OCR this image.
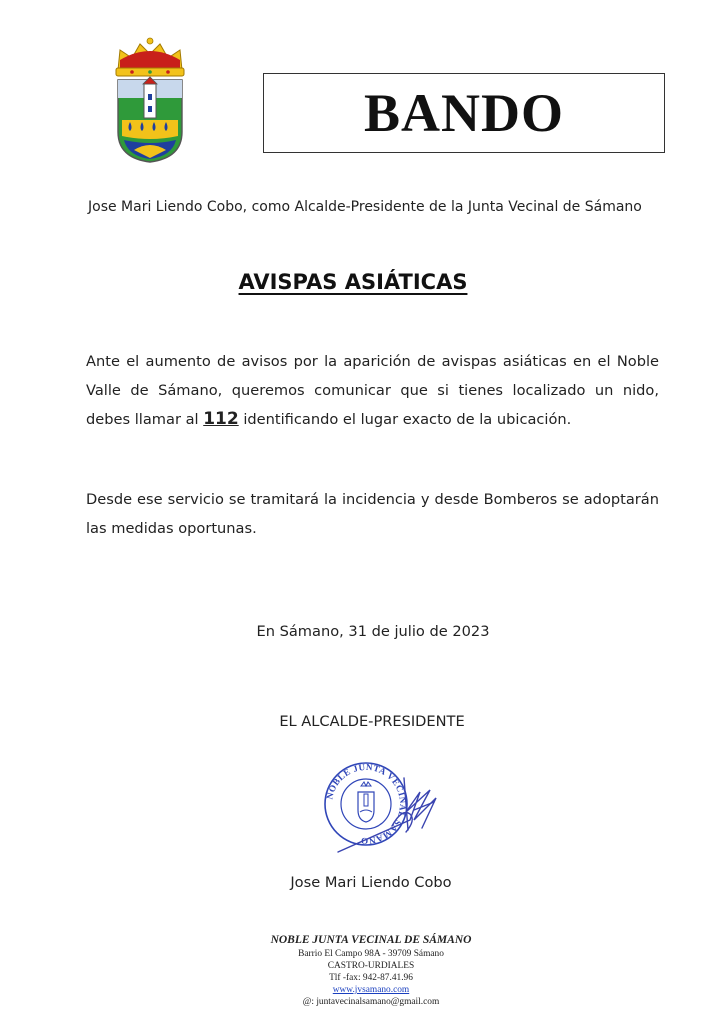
BANDO
Jose Mari Liendo Cobo, como Alcalde-Presidente de la Junta Vecinal de Sámano
AVISPAS ASIÁTICAS
Ante el aumento de avisos por la aparición de avispas asiáticas en el Noble Valle de Sámano, queremos comunicar que si tienes localizado un nido, debes llamar al 112 identificando el lugar exacto de la ubicación.
Desde ese servicio se tramitará la incidencia y desde Bomberos se adoptarán las medidas oportunas.
En Sámano, 31 de julio de 2023
EL ALCALDE-PRESIDENTE
NOBLE JUNTA VECINAL SÁMANO
Jose Mari Liendo Cobo
NOBLE JUNTA VECINAL DE SÁMANO
Barrio El Campo 98A - 39709 Sámano
CASTRO-URDIALES
Tlf -fax: 942-87.41.96
www.jvsamano.com
@: juntavecinalsamano@gmail.com
